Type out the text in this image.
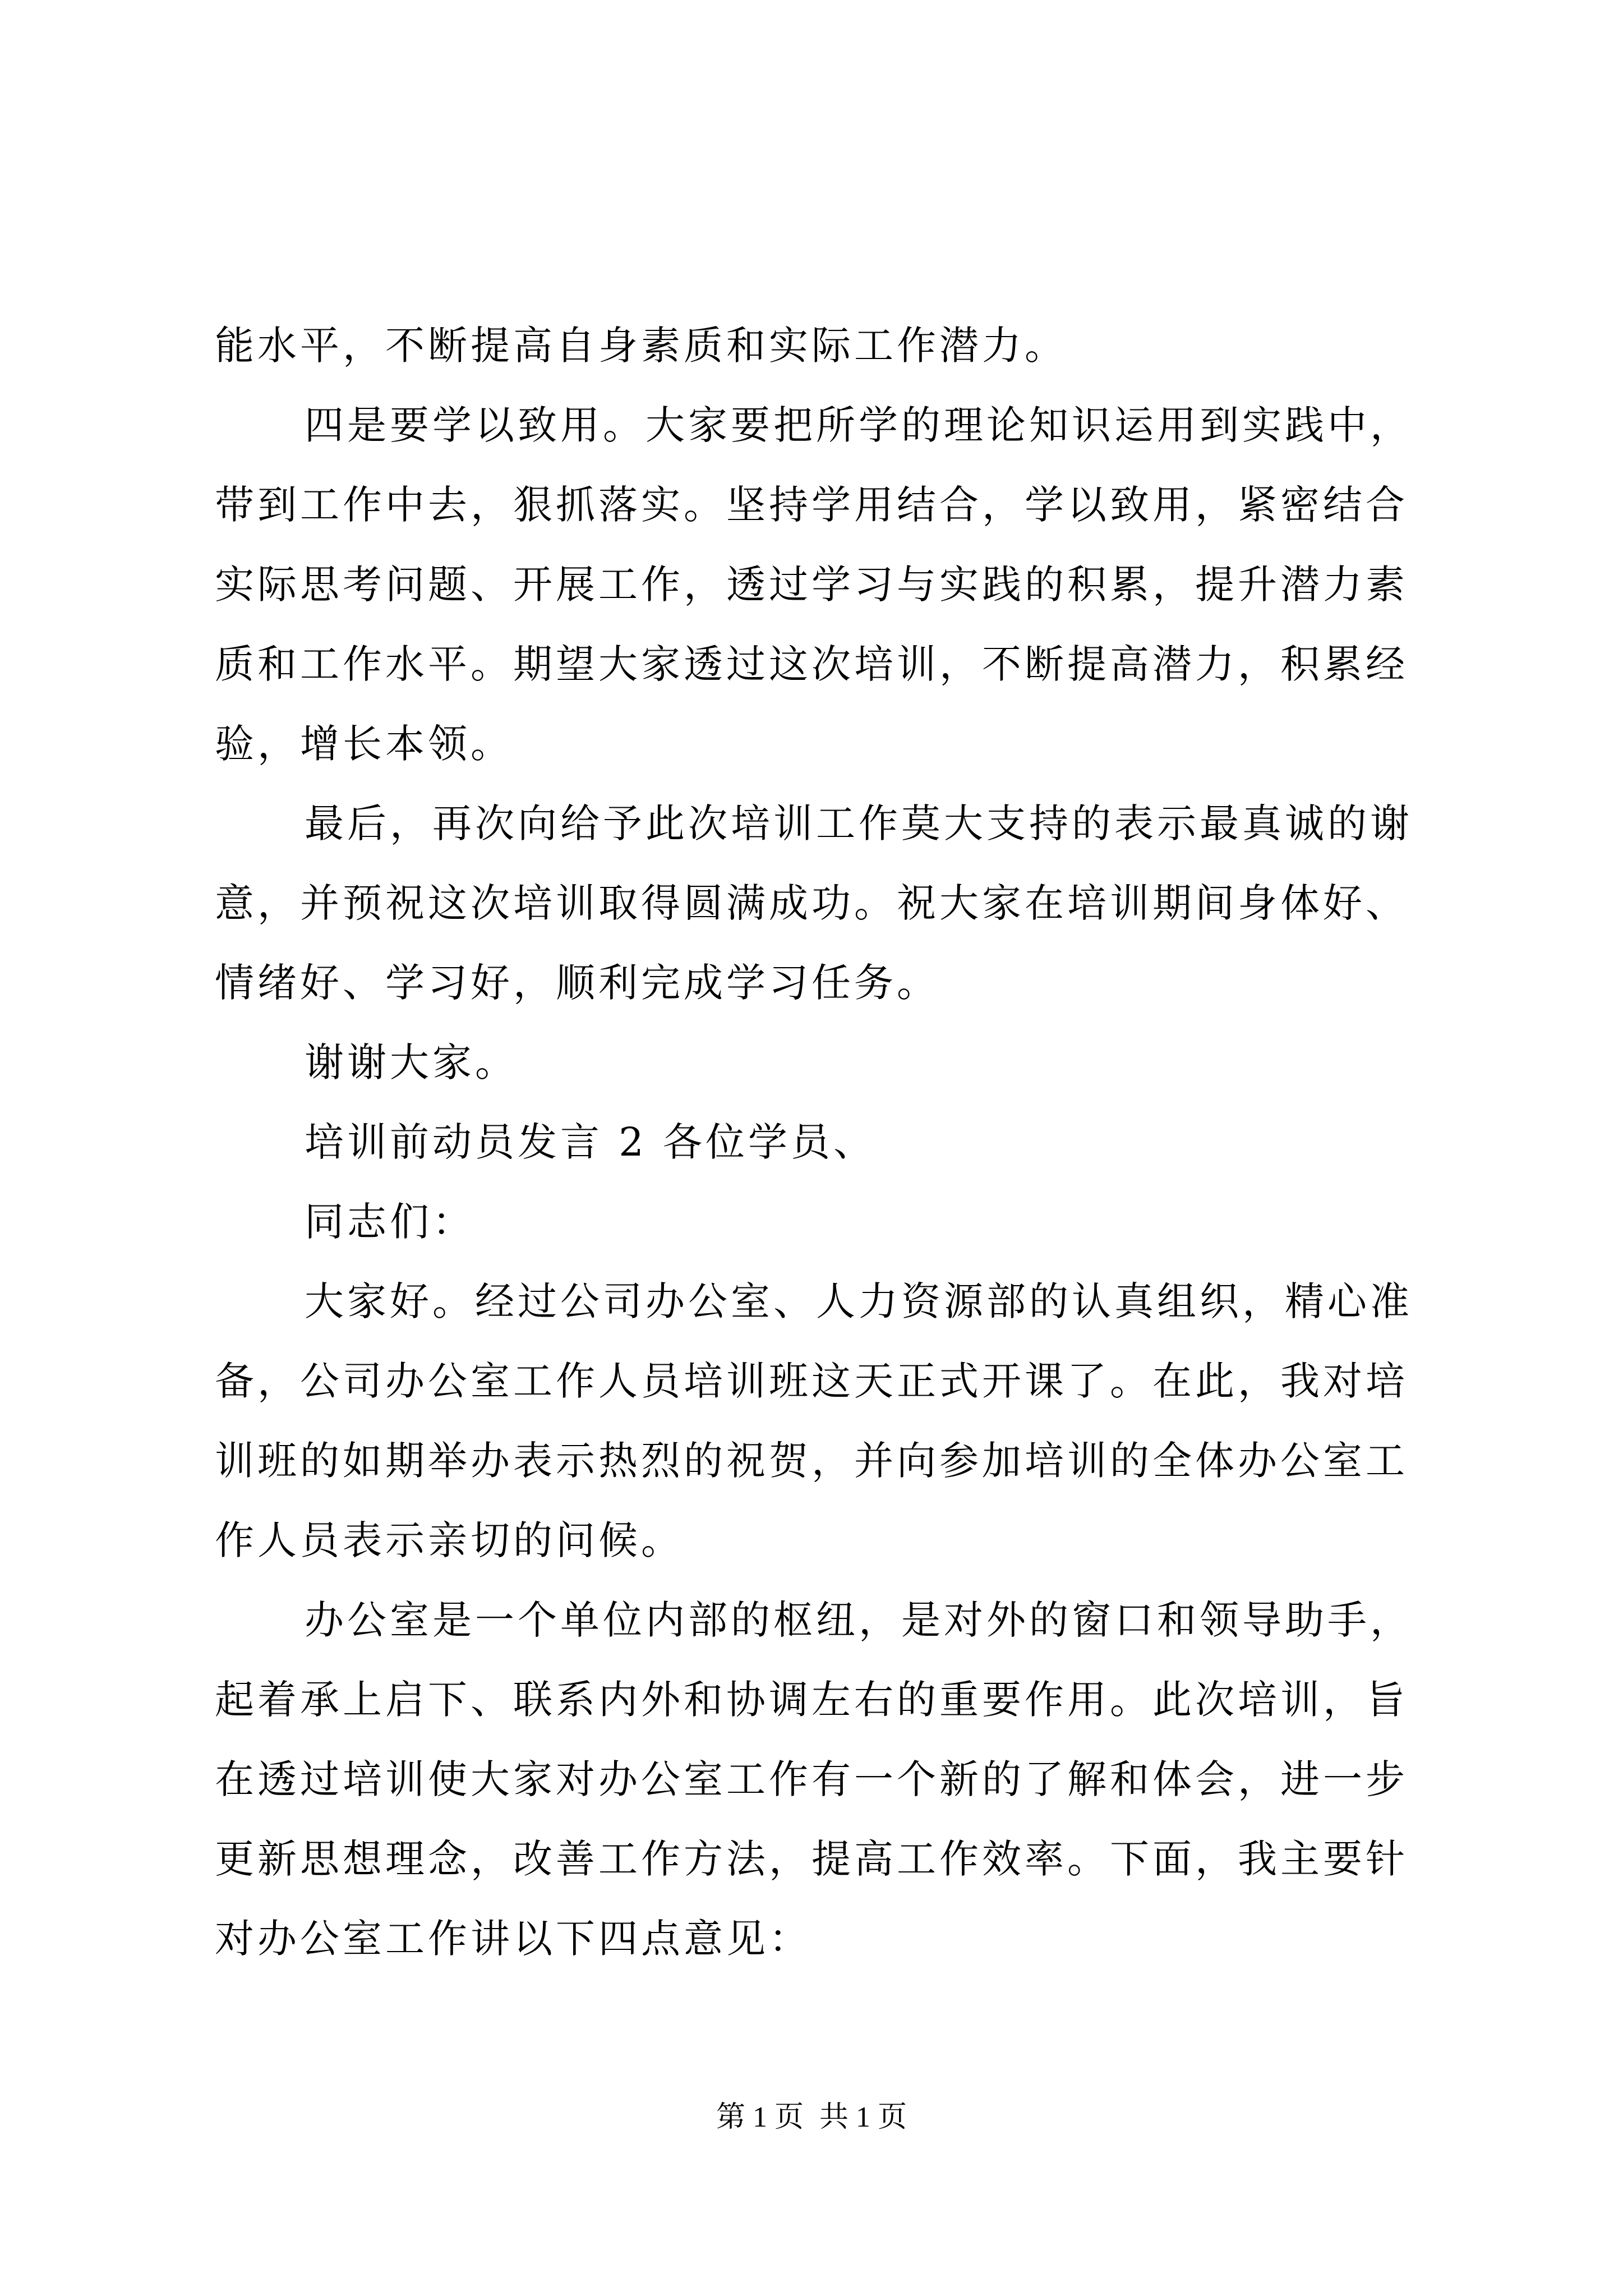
能水平，不断提高自身素质和实际工作潜力。
四是要学以致用。大家要把所学的理论知识运用到实践中，
带到工作中去，狠抓落实。坚持学用结合，学以致用，紧密结合
实际思考问题、开展工作，透过学习与实践的积累，提升潜力素
质和工作水平。期望大家透过这次培训，不断提高潜力，积累经
验，增长本领。
最后，再次向给予此次培训工作莫大支持的表示最真诚的谢
意，并预祝这次培训取得圆满成功。祝大家在培训期间身体好、
情绪好、学习好，顺利完成学习任务。
谢谢大家。
培训前动员发言 2 各位学员、
同志们：
大家好。经过公司办公室、人力资源部的认真组织，精心准
备，公司办公室工作人员培训班这天正式开课了。在此，我对培
训班的如期举办表示热烈的祝贺，并向参加培训的全体办公室工
作人员表示亲切的问候。
办公室是一个单位内部的枢纽，是对外的窗口和领导助手，
起着承上启下、联系内外和协调左右的重要作用。此次培训，旨
在透过培训使大家对办公室工作有一个新的了解和体会，进一步
更新思想理念，改善工作方法，提高工作效率。下面，我主要针
对办公室工作讲以下四点意见：
第 1 页 共 1 页
